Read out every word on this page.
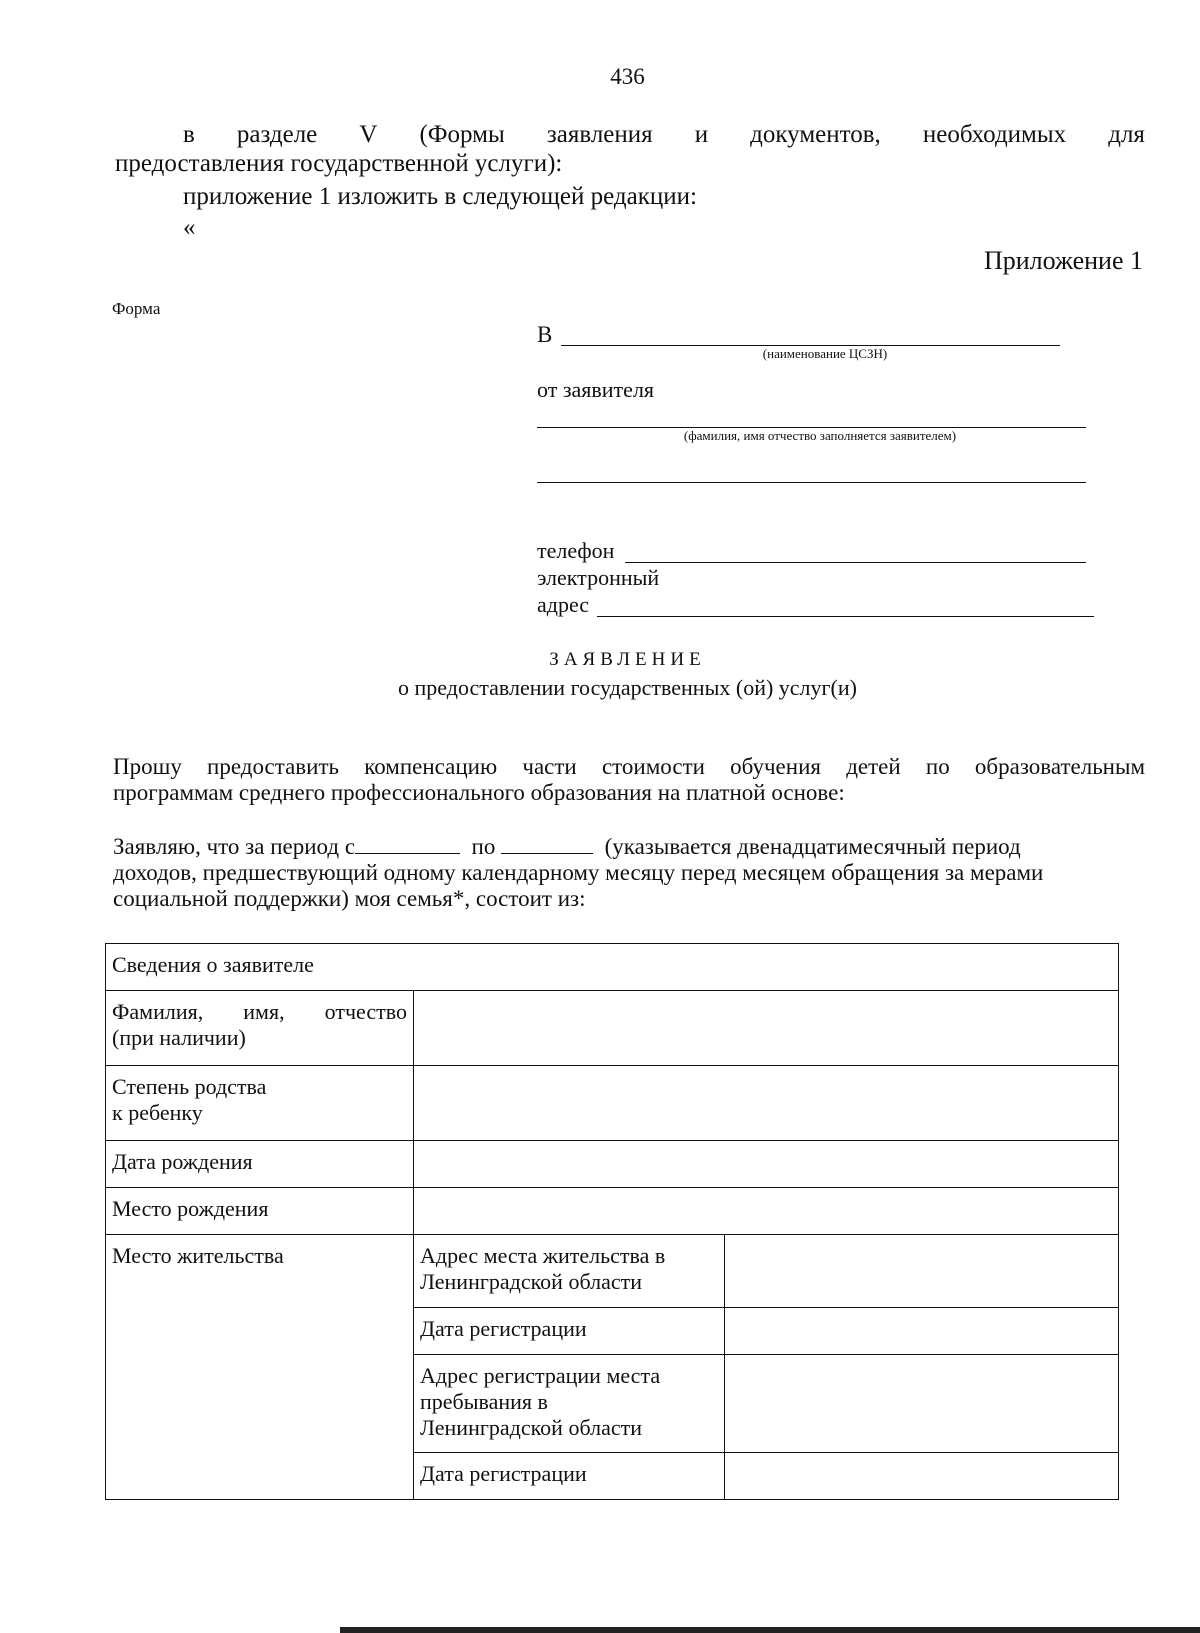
436
в разделе V (Формы заявления и документов, необходимых для
предоставления государственной услуги):
приложение 1 изложить в следующей редакции:
«
Приложение 1
Форма
В
(наименование ЦСЗН)
от заявителя
(фамилия, имя отчество заполняется заявителем)
телефон
электронный
адрес
ЗАЯВЛЕНИЕ
о предоставлении государственных (ой) услуг(и)
Прошу предоставить компенсацию части стоимости обучения детей по образовательным
программам среднего профессионального образования на платной основе:
Заявляю, что за период с	по	(указывается двенадцатимесячный период
доходов, предшествующий одному календарному месяцу перед месяцем обращения за мерами
социальной поддержки) моя семья*, состоит из:
Сведения о заявителе		

Фамилия, имя, отчество
(при наличии)		

Степень родства
к ребенку		

Дата рождения		
Место рождения		
Место жительства	Адрес места жительства в
Ленинградской области	

	Дата регистрации	

	Адрес регистрации места
пребывания в
Ленинградской области	

	Дата регистрации	
